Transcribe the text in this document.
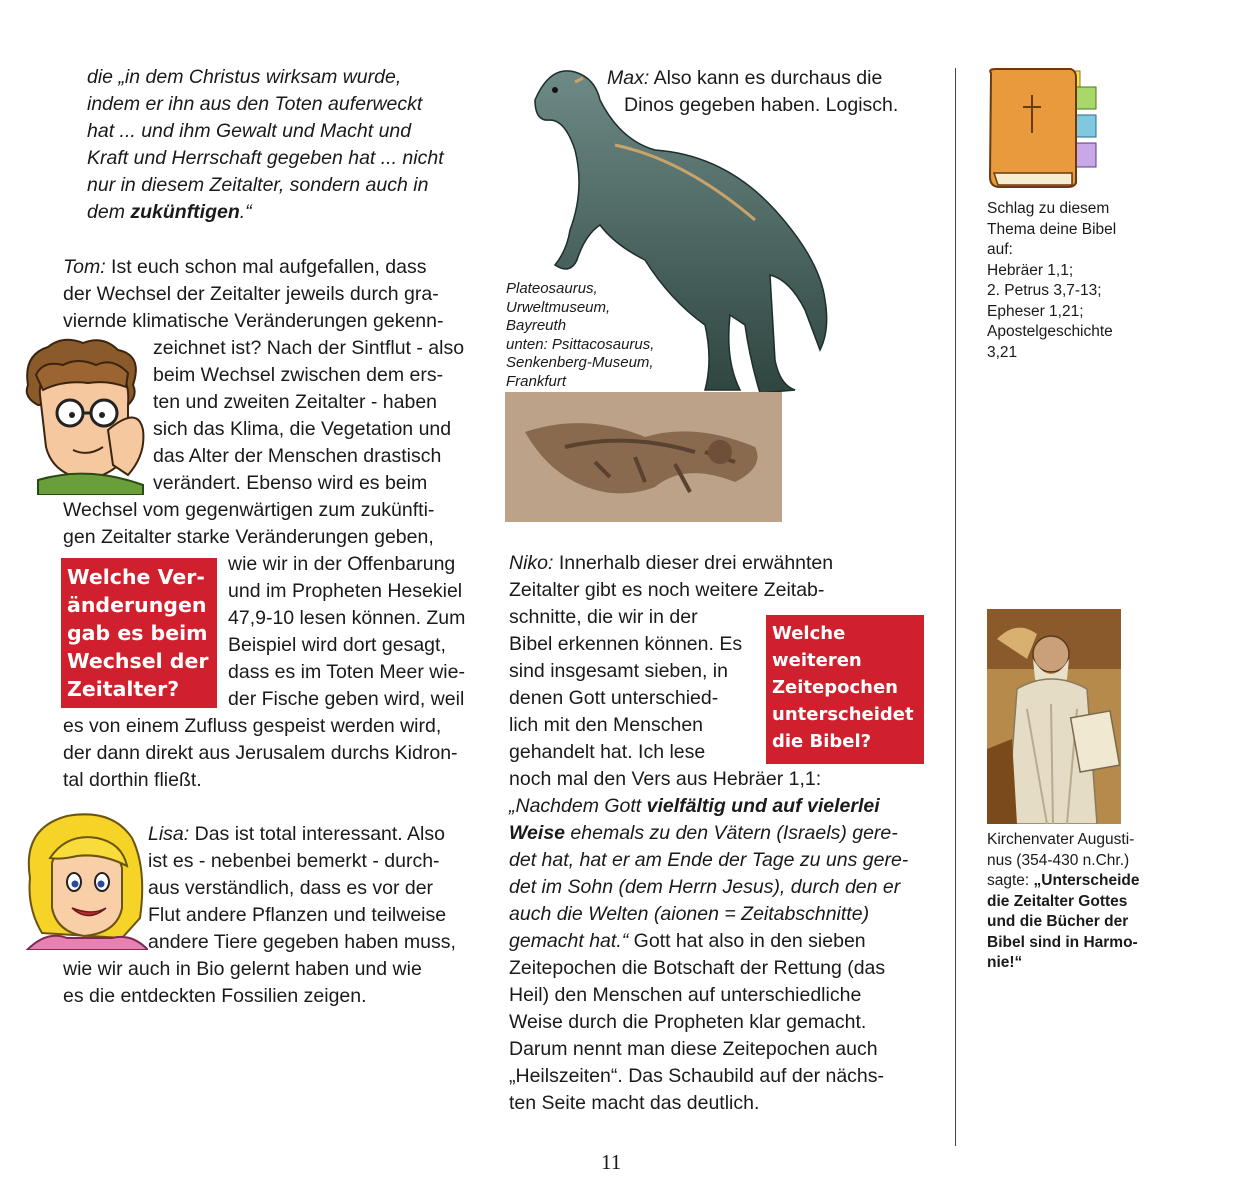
die „in dem Christus wirksam wurde,
indem er ihn aus den Toten auferweckt
hat ... und ihm Gewalt und Macht und
Kraft und Herrschaft gegeben hat ... nicht
nur in diesem Zeitalter, sondern auch in
dem zukünftigen.“
Tom: Ist euch schon mal aufgefallen, dass
der Wechsel der Zeitalter jeweils durch gra-
viernde klimatische Veränderungen gekenn-
zeichnet ist? Nach der Sintflut - also
beim Wechsel zwischen dem ers-
ten und zweiten Zeitalter - haben
sich das Klima, die Vegetation und
das Alter der Menschen drastisch
verändert. Ebenso wird es beim
Wechsel vom gegenwärtigen zum zukünfti-
gen Zeitalter starke Veränderungen geben,
wie wir in der Offenbarung
und im Propheten Hesekiel
47,9-10 lesen können. Zum
Beispiel wird dort gesagt,
dass es im Toten Meer wie-
der Fische geben wird, weil
es von einem Zufluss gespeist werden wird,
der dann direkt aus Jerusalem durchs Kidron-
tal dorthin fließt.
Welche Ver-
änderungen
gab es beim
Wechsel der
Zeitalter?
Lisa: Das ist total interessant. Also
ist es - nebenbei bemerkt - durch-
aus verständlich, dass es vor der
Flut andere Pflanzen und teilweise
andere Tiere gegeben haben muss,
wie wir auch in Bio gelernt haben und wie
es die entdeckten Fossilien zeigen.
Max: Also kann es durchaus die
Dinos gegeben haben. Logisch.
Plateosaurus,
Urweltmuseum,
Bayreuth
unten: Psittacosaurus,
Senkenberg-Museum,
Frankfurt
Niko: Innerhalb dieser drei erwähnten
Zeitalter gibt es noch weitere Zeitab-
schnitte, die wir in der
Bibel erkennen können. Es
sind insgesamt sieben, in
denen Gott unterschied-
lich mit den Menschen
gehandelt hat. Ich lese
noch mal den Vers aus Hebräer 1,1:
„Nachdem Gott vielfältig und auf vielerlei
Weise ehemals zu den Vätern (Israels) gere-
det hat, hat er am Ende der Tage zu uns gere-
det im Sohn (dem Herrn Jesus), durch den er
auch die Welten (aionen = Zeitabschnitte)
gemacht hat.“ Gott hat also in den sieben
Zeitepochen die Botschaft der Rettung (das
Heil) den Menschen auf unterschiedliche
Weise durch die Propheten klar gemacht.
Darum nennt man diese Zeitepochen auch
„Heilszeiten“. Das Schaubild auf der nächs-
ten Seite macht das deutlich.
Welche
weiteren
Zeitepochen
unterscheidet
die Bibel?
Schlag zu diesem
Thema deine Bibel
auf:
Hebräer 1,1;
2. Petrus 3,7-13;
Epheser 1,21;
Apostelgeschichte
3,21
Kirchenvater Augusti-
nus (354-430 n.Chr.)
sagte: „Unterscheide
die Zeitalter Gottes
und die Bücher der
Bibel sind in Harmo-
nie!“
11
